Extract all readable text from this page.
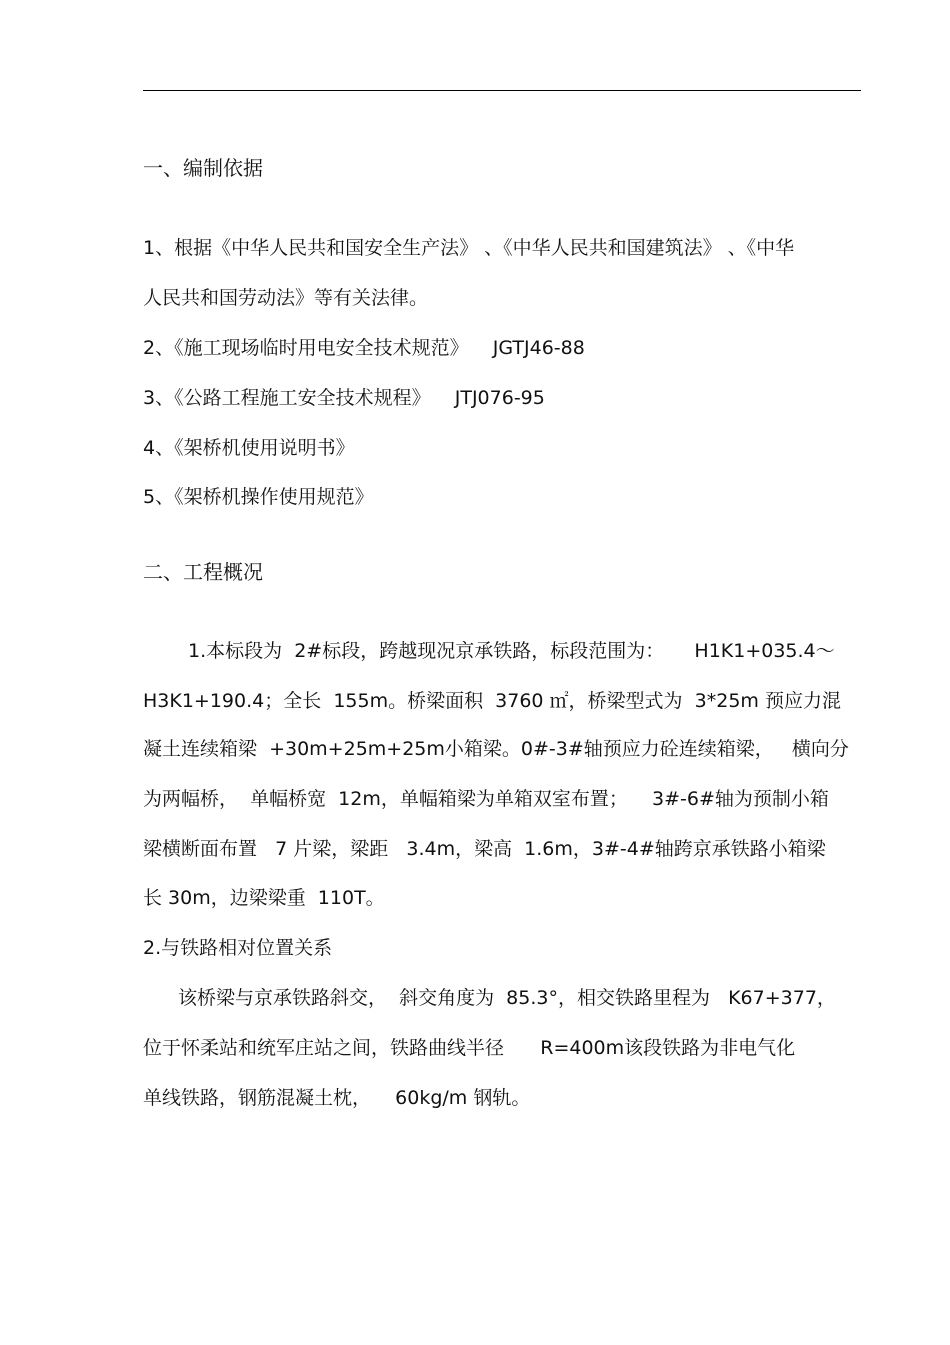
一、编制依据
1、根据《中华人民共和国安全生产法》 、《中华人民共和国建筑法》 、《中华
人民共和国劳动法》等有关法律。
2、《施工现场临时用电安全技术规范》    JGTJ46-88
3、《公路工程施工安全技术规程》    JTJ076-95
4、《架桥机使用说明书》
5、《架桥机操作使用规范》
二、工程概况
1.本标段为  2#标段，跨越现况京承铁路，标段范围为：     H1K1+035.4～
H3K1+190.4；全长  155m。桥梁面积  3760 ㎡，桥梁型式为  3*25m 预应力混
凝土连续箱梁  +30m+25m+25m小箱梁。0#-3#轴预应力砼连续箱梁，   横向分
为两幅桥，  单幅桥宽  12m，单幅箱梁为单箱双室布置；    3#-6#轴为预制小箱
梁横断面布置   7 片梁，梁距   3.4m，梁高  1.6m，3#-4#轴跨京承铁路小箱梁
长 30m，边梁梁重  110T。
2.与铁路相对位置关系
该桥梁与京承铁路斜交，  斜交角度为  85.3°，相交铁路里程为   K67+377，
位于怀柔站和统军庄站之间，铁路曲线半径      R=400m该段铁路为非电气化
单线铁路，钢筋混凝土枕，    60kg/m 钢轨。
